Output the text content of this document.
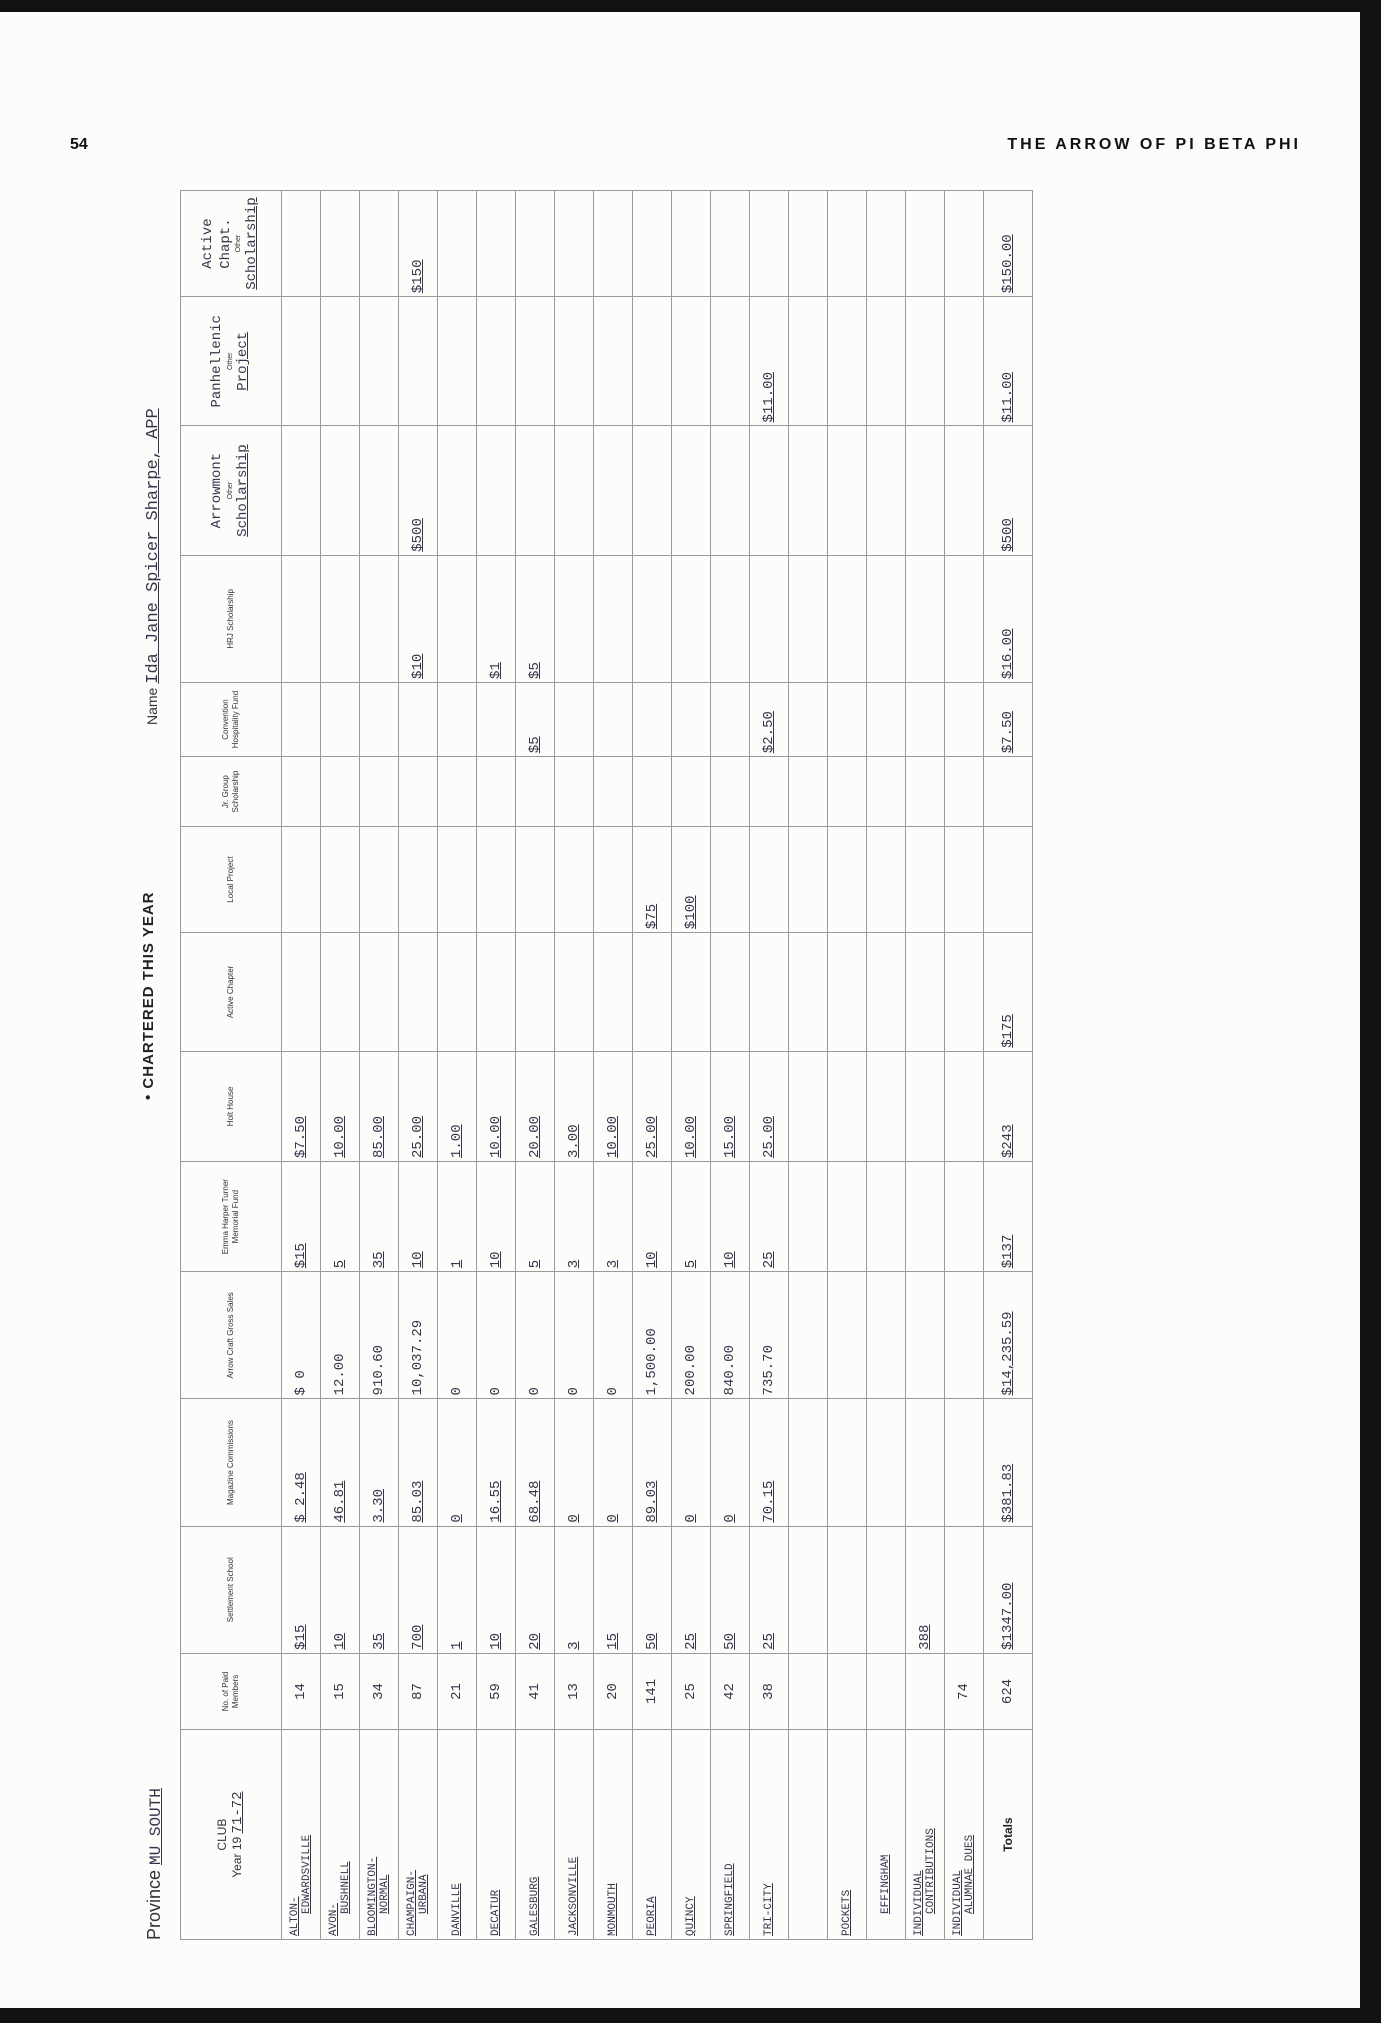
54	THE ARROW OF PI BETA PHI
Province MU SOUTH
• CHARTERED THIS YEAR
Name Ida Jane Spicer Sharpe, APP
CLUB
Year 19 71-72	No. of Paid Members	Settlement School	Magazine Commissions	Arrow Craft Gross Sales	Emma Harper Turner Memorial Fund	Holt House	Active Chapter	Local Project	Jr. Group Scholarship	Convention Hospitality Fund	HRJ Scholarship	Arrowmont Other Scholarship	Panhellenic Other Project	Active Chapt. Other Scholarship

ALTON-
EDWARDSVILLE	14	$15	$ 2.48	$ 0	$15	$7.50								
AVON-
BUSHNELL	15	10	46.81	12.00	5	10.00								
BLOOMINGTON- NORMAL	34	35	3.30	910.60	35	85.00								
CHAMPAIGN- URBANA	87	700	85.03	10,037.29	10	25.00					$10	$500		$150
DANVILLE	21	1	0	0	1	1.00								
DECATUR	59	10	16.55	0	10	10.00					$1			
GALESBURG	41	20	68.48	0	5	20.00				$5	$5			
JACKSONVILLE	13	3	0	0	3	3.00								
MONMOUTH	20	15	0	0	3	10.00								
PEORIA	141	50	89.03	1,500.00	10	25.00		$75						
QUINCY	25	25	0	200.00	5	10.00		$100						
SPRINGFIELD	42	50	0	840.00	10	15.00								
TRI-CITY	38	25	70.15	735.70	25	25.00				$2.50			$11.00	

POCKETS

EFFINGHAM														

INDIVIDUAL CONTRIBUTIONS		388												
INDIVIDUAL ALUMNAE DUES	74													
Totals	624	$1347.00	$381.83	$14,235.59	$137	$243	$175			$7.50	$16.00	$500	$11.00	$150.00
